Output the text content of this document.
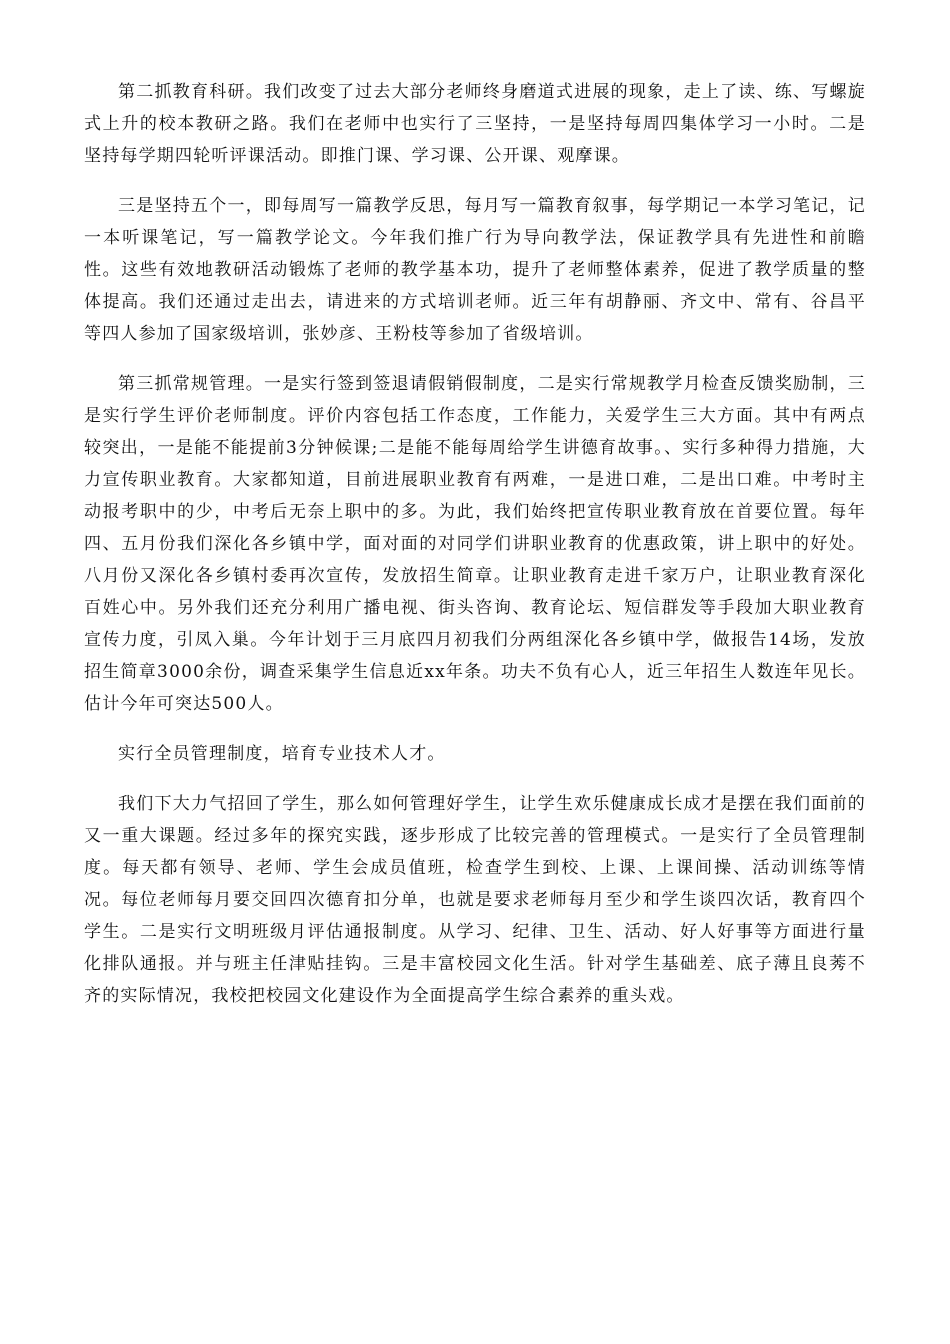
第二抓教育科研。我们改变了过去大部分老师终身磨道式进展的现象，走上了读、练、写螺旋式上升的校本教研之路。我们在老师中也实行了三坚持，一是坚持每周四集体学习一小时。二是坚持每学期四轮听评课活动。即推门课、学习课、公开课、观摩课。

三是坚持五个一，即每周写一篇教学反思，每月写一篇教育叙事，每学期记一本学习笔记，记一本听课笔记，写一篇教学论文。今年我们推广行为导向教学法，保证教学具有先进性和前瞻性。这些有效地教研活动锻炼了老师的教学基本功，提升了老师整体素养，促进了教学质量的整体提高。我们还通过走出去，请进来的方式培训老师。近三年有胡静丽、齐文中、常有、谷昌平等四人参加了国家级培训，张妙彦、王粉枝等参加了省级培训。

第三抓常规管理。一是实行签到签退请假销假制度，二是实行常规教学月检查反馈奖励制，三是实行学生评价老师制度。评价内容包括工作态度，工作能力，关爱学生三大方面。其中有两点较突出，一是能不能提前3分钟候课;二是能不能每周给学生讲德育故事。、实行多种得力措施，大力宣传职业教育。大家都知道，目前进展职业教育有两难，一是进口难，二是出口难。中考时主动报考职中的少，中考后无奈上职中的多。为此，我们始终把宣传职业教育放在首要位置。每年四、五月份我们深化各乡镇中学，面对面的对同学们讲职业教育的优惠政策，讲上职中的好处。八月份又深化各乡镇村委再次宣传，发放招生简章。让职业教育走进千家万户，让职业教育深化百姓心中。另外我们还充分利用广播电视、街头咨询、教育论坛、短信群发等手段加大职业教育宣传力度，引凤入巢。今年计划于三月底四月初我们分两组深化各乡镇中学，做报告14场，发放招生简章3000余份，调查采集学生信息近xx年条。功夫不负有心人，近三年招生人数连年见长。估计今年可突达500人。

实行全员管理制度，培育专业技术人才。

我们下大力气招回了学生，那么如何管理好学生，让学生欢乐健康成长成才是摆在我们面前的又一重大课题。经过多年的探究实践，逐步形成了比较完善的管理模式。一是实行了全员管理制度。每天都有领导、老师、学生会成员值班，检查学生到校、上课、上课间操、活动训练等情况。每位老师每月要交回四次德育扣分单，也就是要求老师每月至少和学生谈四次话，教育四个学生。二是实行文明班级月评估通报制度。从学习、纪律、卫生、活动、好人好事等方面进行量化排队通报。并与班主任津贴挂钩。三是丰富校园文化生活。针对学生基础差、底子薄且良莠不齐的实际情况，我校把校园文化建设作为全面提高学生综合素养的重头戏。
